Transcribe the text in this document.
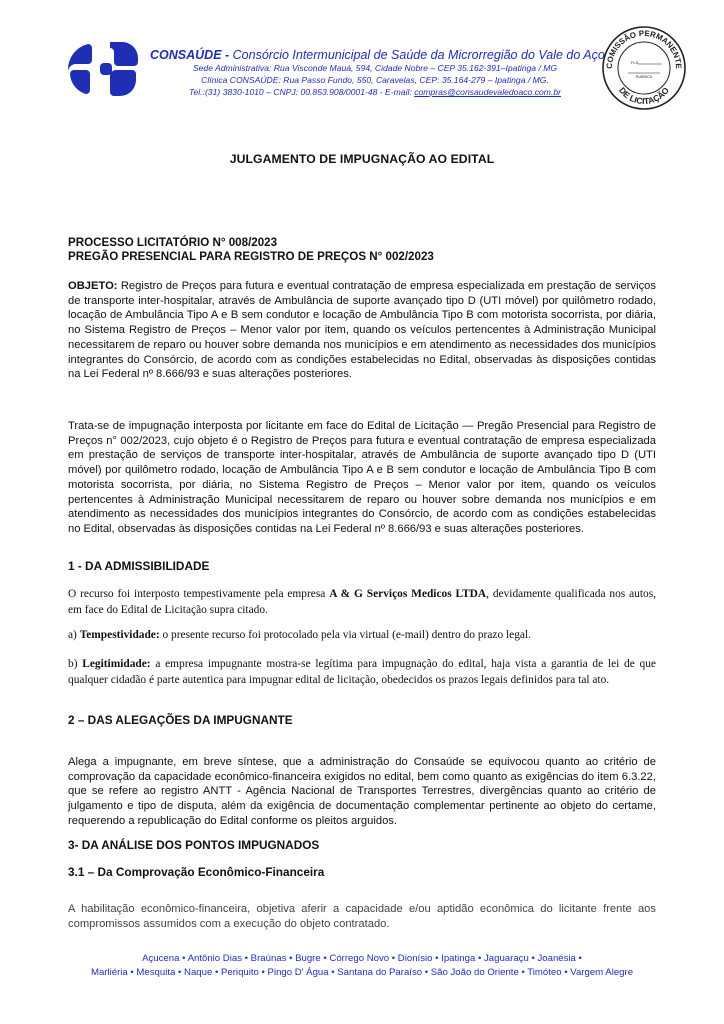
CONSAÚDE - Consórcio Intermunicipal de Saúde da Microrregião do Vale do Aço
Sede Administrativa: Rua Visconde Mauá, 594, Cidade Nobre – CEP 35.162-391–Ipatinga / MG
Clínica CONSAÚDE: Rua Passo Fundo, 550, Caravelas, CEP: 35.164-279 – Ipatinga / MG.
Tel.:(31) 3830-1010 – CNPJ: 00.853.908/0001-48 - E-mail: compras@consaudevaledoaco.com.br
COMISSÃO PERMANENTE
DE LICITAÇÃO
FLS
RUBRICA
JULGAMENTO DE IMPUGNAÇÃO AO EDITAL
PROCESSO LICITATÓRIO N° 008/2023
PREGÃO PRESENCIAL PARA REGISTRO DE PREÇOS N° 002/2023
OBJETO: Registro de Preços para futura e eventual contratação de empresa especializada em prestação de serviços de transporte inter-hospitalar, através de Ambulância de suporte avançado tipo D (UTI móvel) por quilômetro rodado, locação de Ambulância Tipo A e B sem condutor e locação de Ambulância Tipo B com motorista socorrista, por diária, no Sistema Registro de Preços – Menor valor por item, quando os veículos pertencentes à Administração Municipal necessitarem de reparo ou houver sobre demanda nos municípios e em atendimento as necessidades dos municípios integrantes do Consórcio, de acordo com as condições estabelecidas no Edital, observadas às disposições contidas na Lei Federal nº 8.666/93 e suas alterações posteriores.
Trata-se de impugnação interposta por licitante em face do Edital de Licitação — Pregão Presencial para Registro de Preços n° 002/2023, cujo objeto é o Registro de Preços para futura e eventual contratação de empresa especializada em prestação de serviços de transporte inter-hospitalar, através de Ambulância de suporte avançado tipo D (UTI móvel) por quilômetro rodado, locação de Ambulância Tipo A e B sem condutor e locação de Ambulância Tipo B com motorista socorrista, por diária, no Sistema Registro de Preços – Menor valor por item, quando os veículos pertencentes à Administração Municipal necessitarem de reparo ou houver sobre demanda nos municípios e em atendimento as necessidades dos municípios integrantes do Consórcio, de acordo com as condições estabelecidas no Edital, observadas às disposições contidas na Lei Federal nº 8.666/93 e suas alterações posteriores.
1 - DA ADMISSIBILIDADE
O recurso foi interposto tempestivamente pela empresa A & G Serviços Medicos LTDA, devidamente qualificada nos autos, em face do Edital de Licitação supra citado.
a) Tempestividade: o presente recurso foi protocolado pela via virtual (e-mail) dentro do prazo legal.
b) Legitimidade: a empresa impugnante mostra-se legítima para impugnação do edital, haja vista a garantia de lei de que qualquer cidadão é parte autentica para impugnar edital de licitação, obedecidos os prazos legais definidos para tal ato.
2 – DAS ALEGAÇÕES DA IMPUGNANTE
Alega a impugnante, em breve síntese, que a administração do Consaúde se equivocou quanto ao critério de comprovação da capacidade econômico-financeira exigidos no edital, bem como quanto as exigências do item 6.3.22, que se refere ao registro ANTT - Agência Nacional de Transportes Terrestres, divergências quanto ao critério de julgamento e tipo de disputa, além da exigência de documentação complementar pertinente ao objeto do certame, requerendo a republicação do Edital conforme os pleitos arguidos.
3- DA ANÁLISE DOS PONTOS IMPUGNADOS
3.1 – Da Comprovação Econômico-Financeira
A habilitação econômico-financeira, objetiva aferir a capacidade e/ou aptidão econômica do licitante frente aos compromissos assumidos com a execução do objeto contratado.
Açucena • Antônio Dias • Braúnas • Bugre • Córrego Novo • Dionísio • Ipatinga • Jaguaraçu • Joanésia •
Marliéria • Mesquita • Naque • Periquito • Pingo D' Água • Santana do Paraíso • São João do Oriente • Timóteo • Vargem Alegre
